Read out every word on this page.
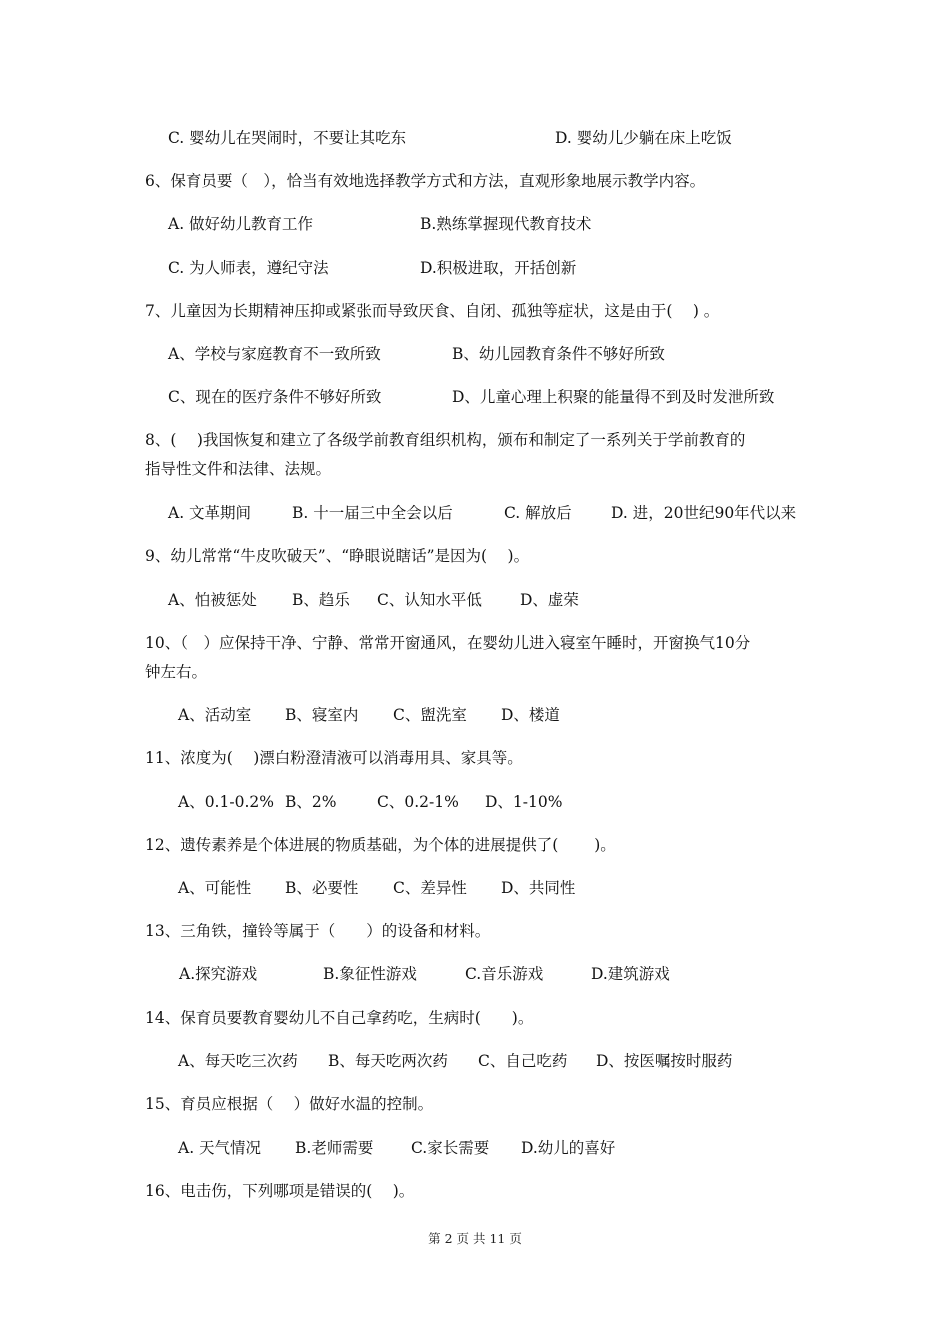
C. 婴幼儿在哭闹时，不要让其吃东	D. 婴幼儿少躺在床上吃饭
6、保育员要（　），恰当有效地选择教学方式和方法，直观形象地展示教学内容。
A. 做好幼儿教育工作	B.熟练掌握现代教育技术
C. 为人师表，遵纪守法	D.积极进取，开括创新
7、儿童因为长期精神压抑或紧张而导致厌食、自闭、孤独等症状，这是由于(　 ) 。
A、学校与家庭教育不一致所致	B、幼儿园教育条件不够好所致
C、现在的医疗条件不够好所致	D、儿童心理上积聚的能量得不到及时发泄所致
8、(　 )我国恢复和建立了各级学前教育组织机构，颁布和制定了一系列关于学前教育的
指导性文件和法律、法规。
A. 文革期间	B. 十一届三中全会以后	C. 解放后	D. 进，20世纪90年代以来
9、幼儿常常“牛皮吹破天”、“睁眼说瞎话”是因为(　 )。
A、怕被惩处 B、趋乐 C、认知水平低 D、虚荣
10、（　）应保持干净、宁静、常常开窗通风，在婴幼儿进入寝室午睡时，开窗换气10分
钟左右。
A、活动室 B、寝室内 C、盥洗室 D、楼道
11、浓度为(　 )漂白粉澄清液可以消毒用具、家具等。
A、0.1-0.2% B、2%	C、0.2-1% D、1-10%
12、遗传素养是个体进展的物质基础，为个体的进展提供了(　　 )。
A、可能性 B、必要性 C、差异性 D、共同性
13、三角铁，撞铃等属于（　　）的设备和材料。
A.探究游戏	B.象征性游戏	C.音乐游戏	D.建筑游戏
14、保育员要教育婴幼儿不自己拿药吃，生病时(　　)。
A、每天吃三次药 B、每天吃两次药 C、自己吃药 D、按医嘱按时服药
15、育员应根据（　 ）做好水温的控制。
A. 天气情况 B.老师需要 C.家长需要 D.幼儿的喜好
16、电击伤，下列哪项是错误的(　 )。
第 2 页 共 11 页
